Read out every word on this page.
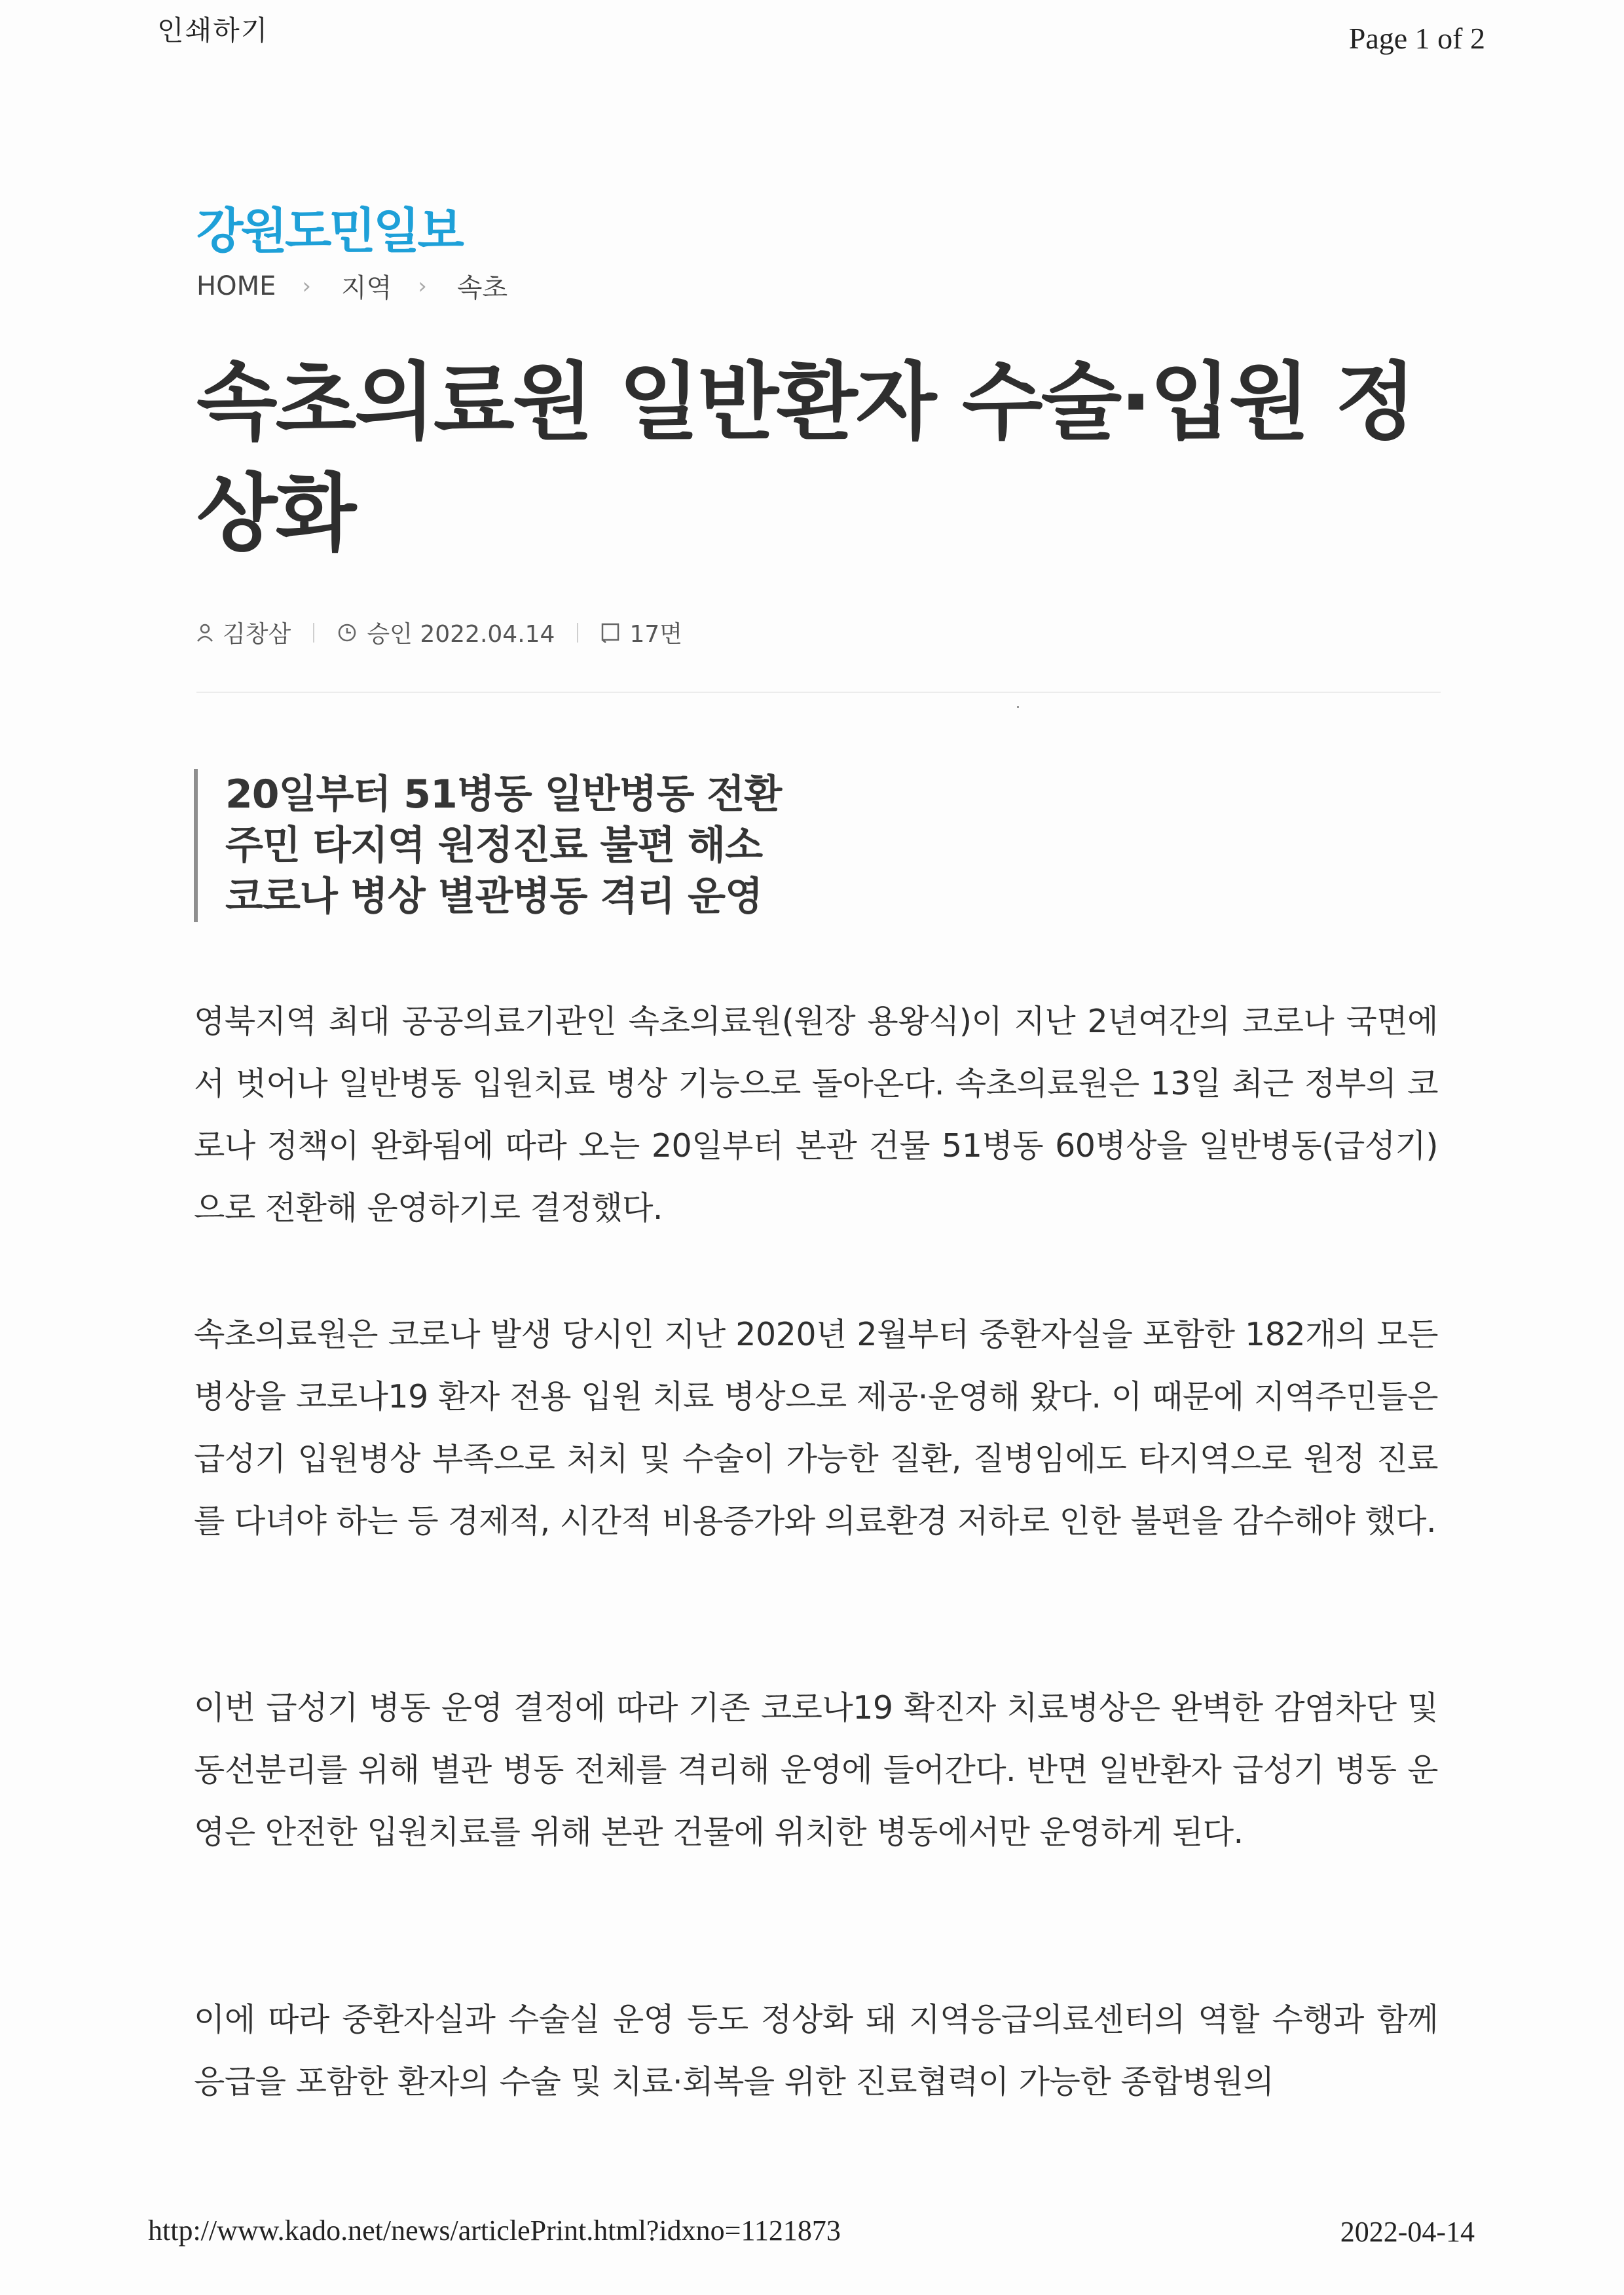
인쇄하기	Page 1 of 2
강원도민일보
HOME › 지역 › 속초
속초의료원 일반환자 수술·입원 정상화
김창삼	승인 2022.04.14	17면
20일부터 51병동 일반병동 전환
주민 타지역 원정진료 불편 해소
코로나 병상 별관병동 격리 운영

영북지역 최대 공공의료기관인 속초의료원(원장 용왕식)이 지난 2년여간의 코로나 국면에서 벗어나 일반병동 입원치료 병상 기능으로 돌아온다. 속초의료원은 13일 최근 정부의 코로나 정책이 완화됨에 따라 오는 20일부터 본관 건물 51병동 60병상을 일반병동(급성기)으로 전환해 운영하기로 결정했다.

속초의료원은 코로나 발생 당시인 지난 2020년 2월부터 중환자실을 포함한 182개의 모든 병상을 코로나19 환자 전용 입원 치료 병상으로 제공·운영해 왔다. 이 때문에 지역주민들은 급성기 입원병상 부족으로 처치 및 수술이 가능한 질환, 질병임에도 타지역으로 원정 진료를 다녀야 하는 등 경제적, 시간적 비용증가와 의료환경 저하로 인한 불편을 감수해야 했다.

이번 급성기 병동 운영 결정에 따라 기존 코로나19 확진자 치료병상은 완벽한 감염차단 및 동선분리를 위해 별관 병동 전체를 격리해 운영에 들어간다. 반면 일반환자 급성기 병동 운영은 안전한 입원치료를 위해 본관 건물에 위치한 병동에서만 운영하게 된다.

이에 따라 중환자실과 수술실 운영 등도 정상화 돼 지역응급의료센터의 역할 수행과 함께 응급을 포함한 환자의 수술 및 치료·회복을 위한 진료협력이 가능한 종합병원의

http://www.kado.net/news/articlePrint.html?idxno=1121873	2022-04-14
